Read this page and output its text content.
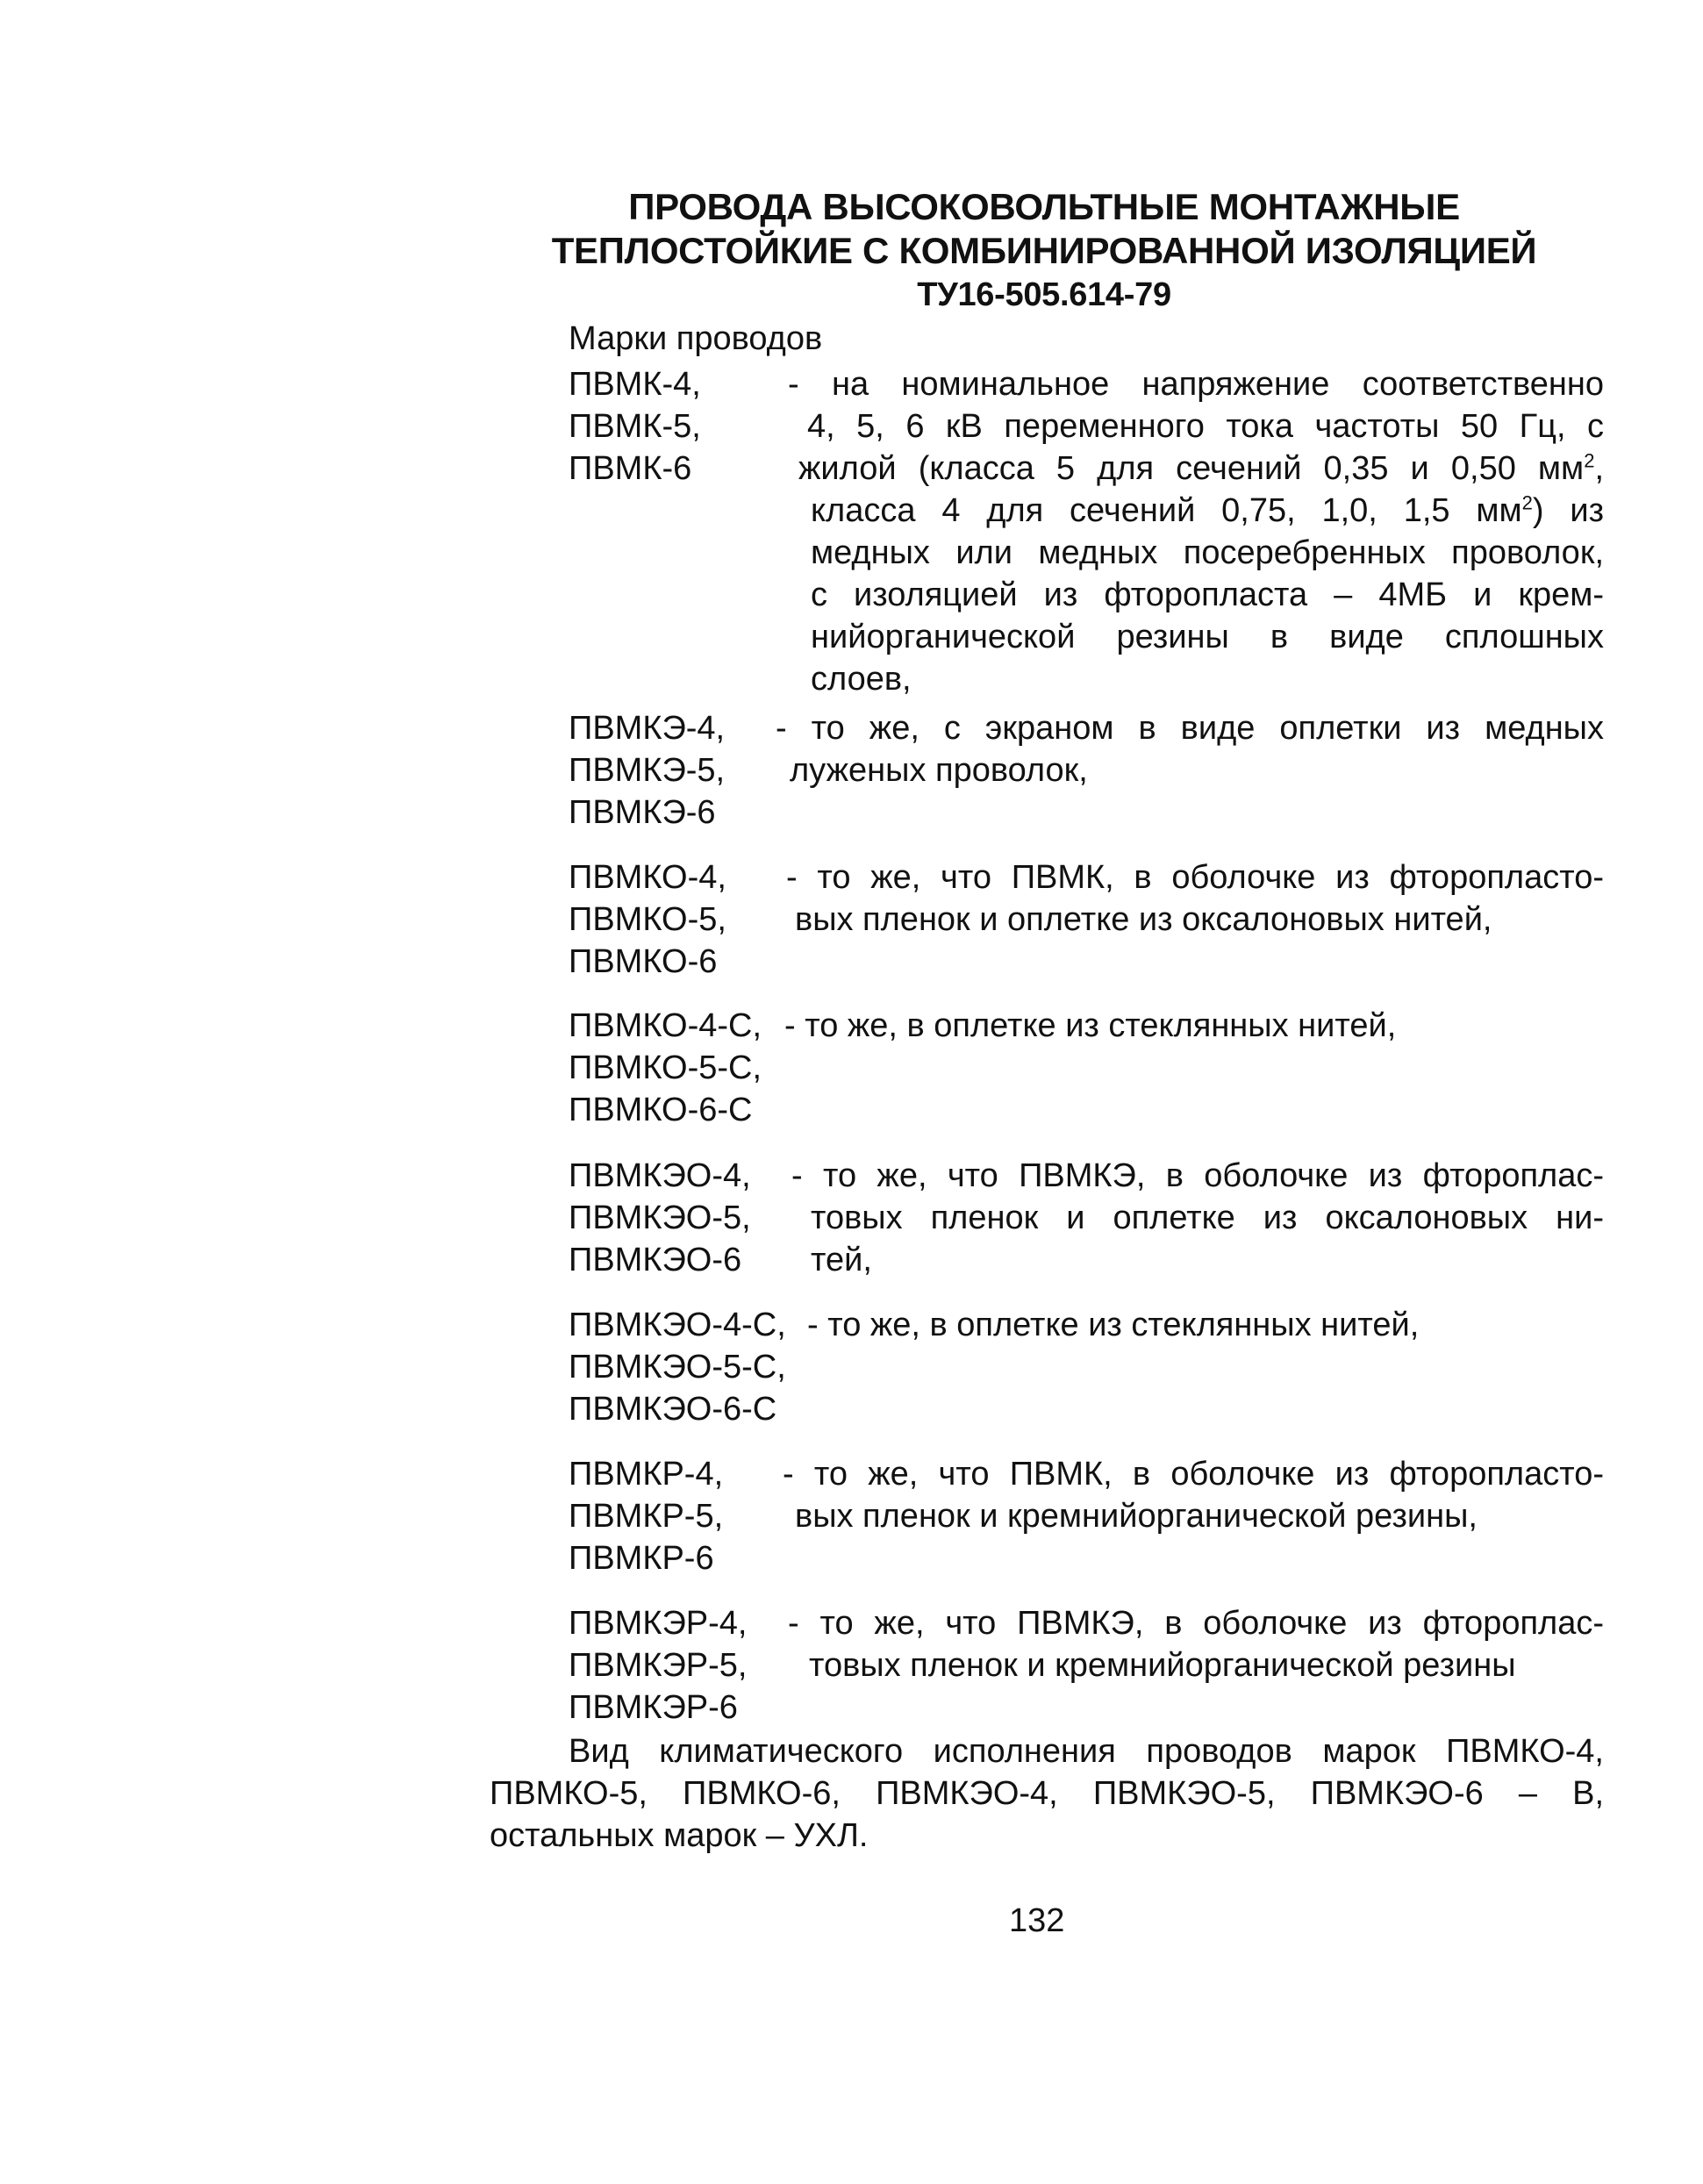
ПРОВОДА ВЫСОКОВОЛЬТНЫЕ МОНТАЖНЫЕ
ТЕПЛОСТОЙКИЕ С КОМБИНИРОВАННОЙ ИЗОЛЯЦИЕЙ
ТУ16-505.614-79
Марки проводов
ПВМК-4,
ПВМК-5,
ПВМК-6
- на номинальное напряжение соответственно
4, 5, 6 кВ переменного тока частоты 50 Гц, с
жилой (класса 5 для сечений 0,35 и 0,50 $мм^2$,
класса 4 для сечений 0,75, 1,0, 1,5 $мм^2$) из
медных или медных посеребренных проволок,
с изоляцией из фторопласта – 4МБ и крем-
нийорганической резины в виде сплошных
слоев,
ПВМКЭ-4,
ПВМКЭ-5,
ПВМКЭ-6
- то же, с экраном в виде оплетки из медных
луженых проволок,
ПВМКО-4,
ПВМКО-5,
ПВМКО-6
- то же, что ПВМК, в оболочке из фторопласто-
вых пленок и оплетке из оксалоновых нитей,
ПВМКО-4-С,
ПВМКО-5-С,
ПВМКО-6-С
- то же, в оплетке из стеклянных нитей,
ПВМКЭО-4,
ПВМКЭО-5,
ПВМКЭО-6
- то же, что ПВМКЭ, в оболочке из фтороплас-
товых пленок и оплетке из оксалоновых ни-
тей,
ПВМКЭО-4-С,
ПВМКЭО-5-С,
ПВМКЭО-6-С
- то же, в оплетке из стеклянных нитей,
ПВМКР-4,
ПВМКР-5,
ПВМКР-6
- то же, что ПВМК, в оболочке из фторопласто-
вых пленок и кремнийорганической резины,
ПВМКЭР-4,
ПВМКЭР-5,
ПВМКЭР-6
- то же, что ПВМКЭ, в оболочке из фтороплас-
товых пленок и кремнийорганической резины
Вид климатического исполнения проводов марок ПВМКО-4,
ПВМКО-5, ПВМКО-6, ПВМКЭО-4, ПВМКЭО-5, ПВМКЭО-6 – В,
остальных марок – УХЛ.
132
